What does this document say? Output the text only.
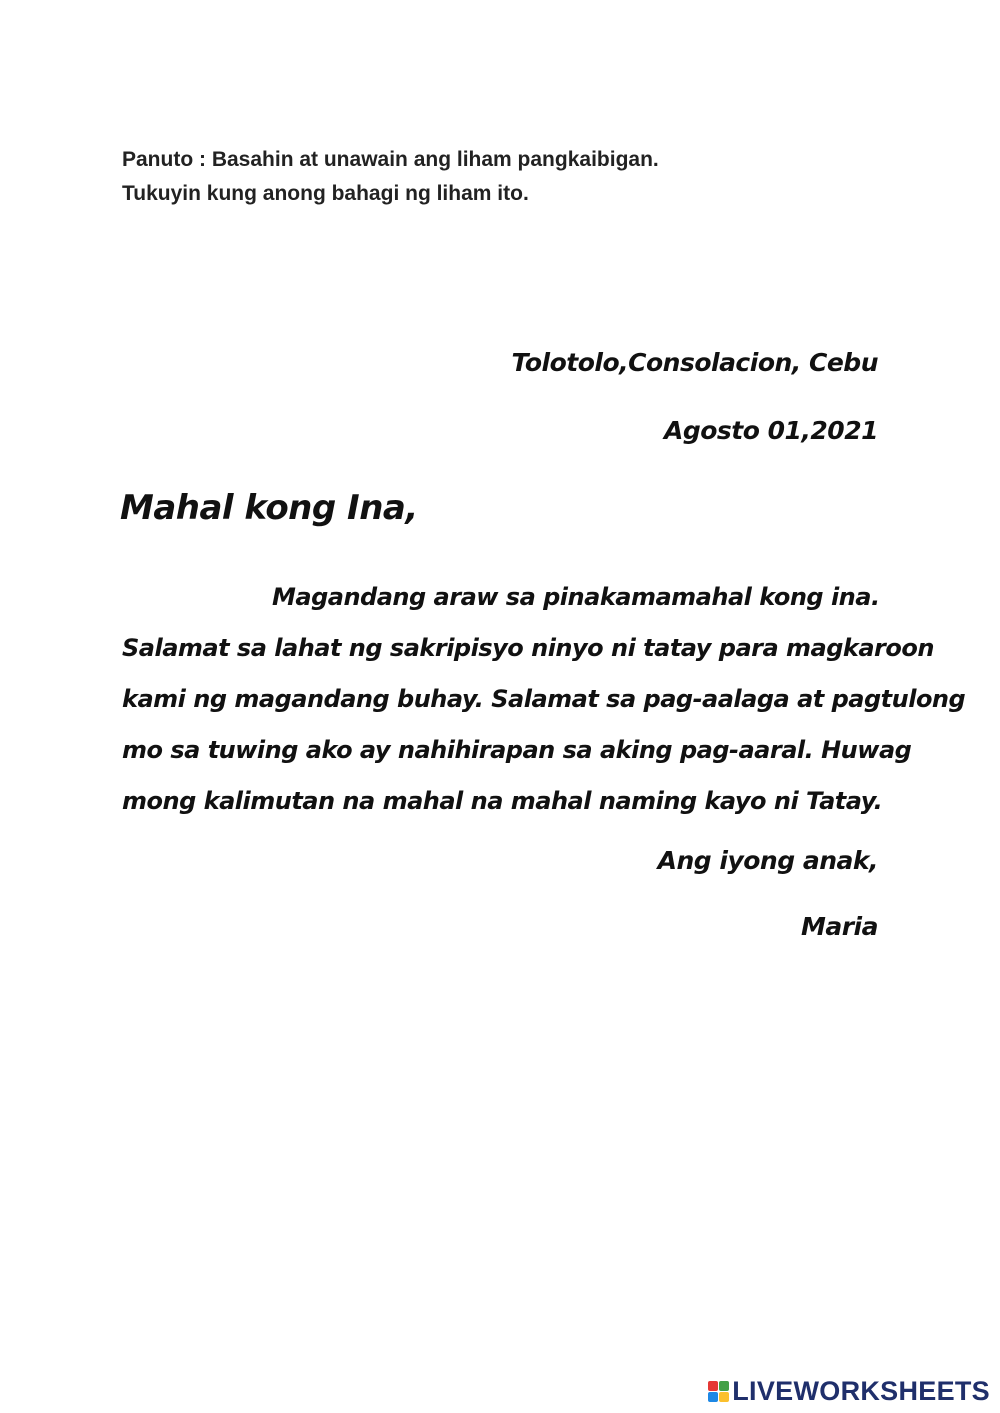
Panuto : Basahin at unawain ang liham pangkaibigan.
Tukuyin kung anong bahagi ng liham ito.
Tolotolo,Consolacion, Cebu
Agosto 01,2021
Mahal kong Ina,
Magandang araw sa pinakamamahal kong ina.
Salamat sa lahat ng sakripisyo ninyo ni tatay para magkaroon
kami ng magandang buhay. Salamat sa pag-aalaga at pagtulong
mo sa tuwing ako ay nahihirapan sa aking pag-aaral. Huwag
mong kalimutan na mahal na mahal naming kayo ni Tatay.
Ang iyong anak,
Maria
LIVEWORKSHEETS
